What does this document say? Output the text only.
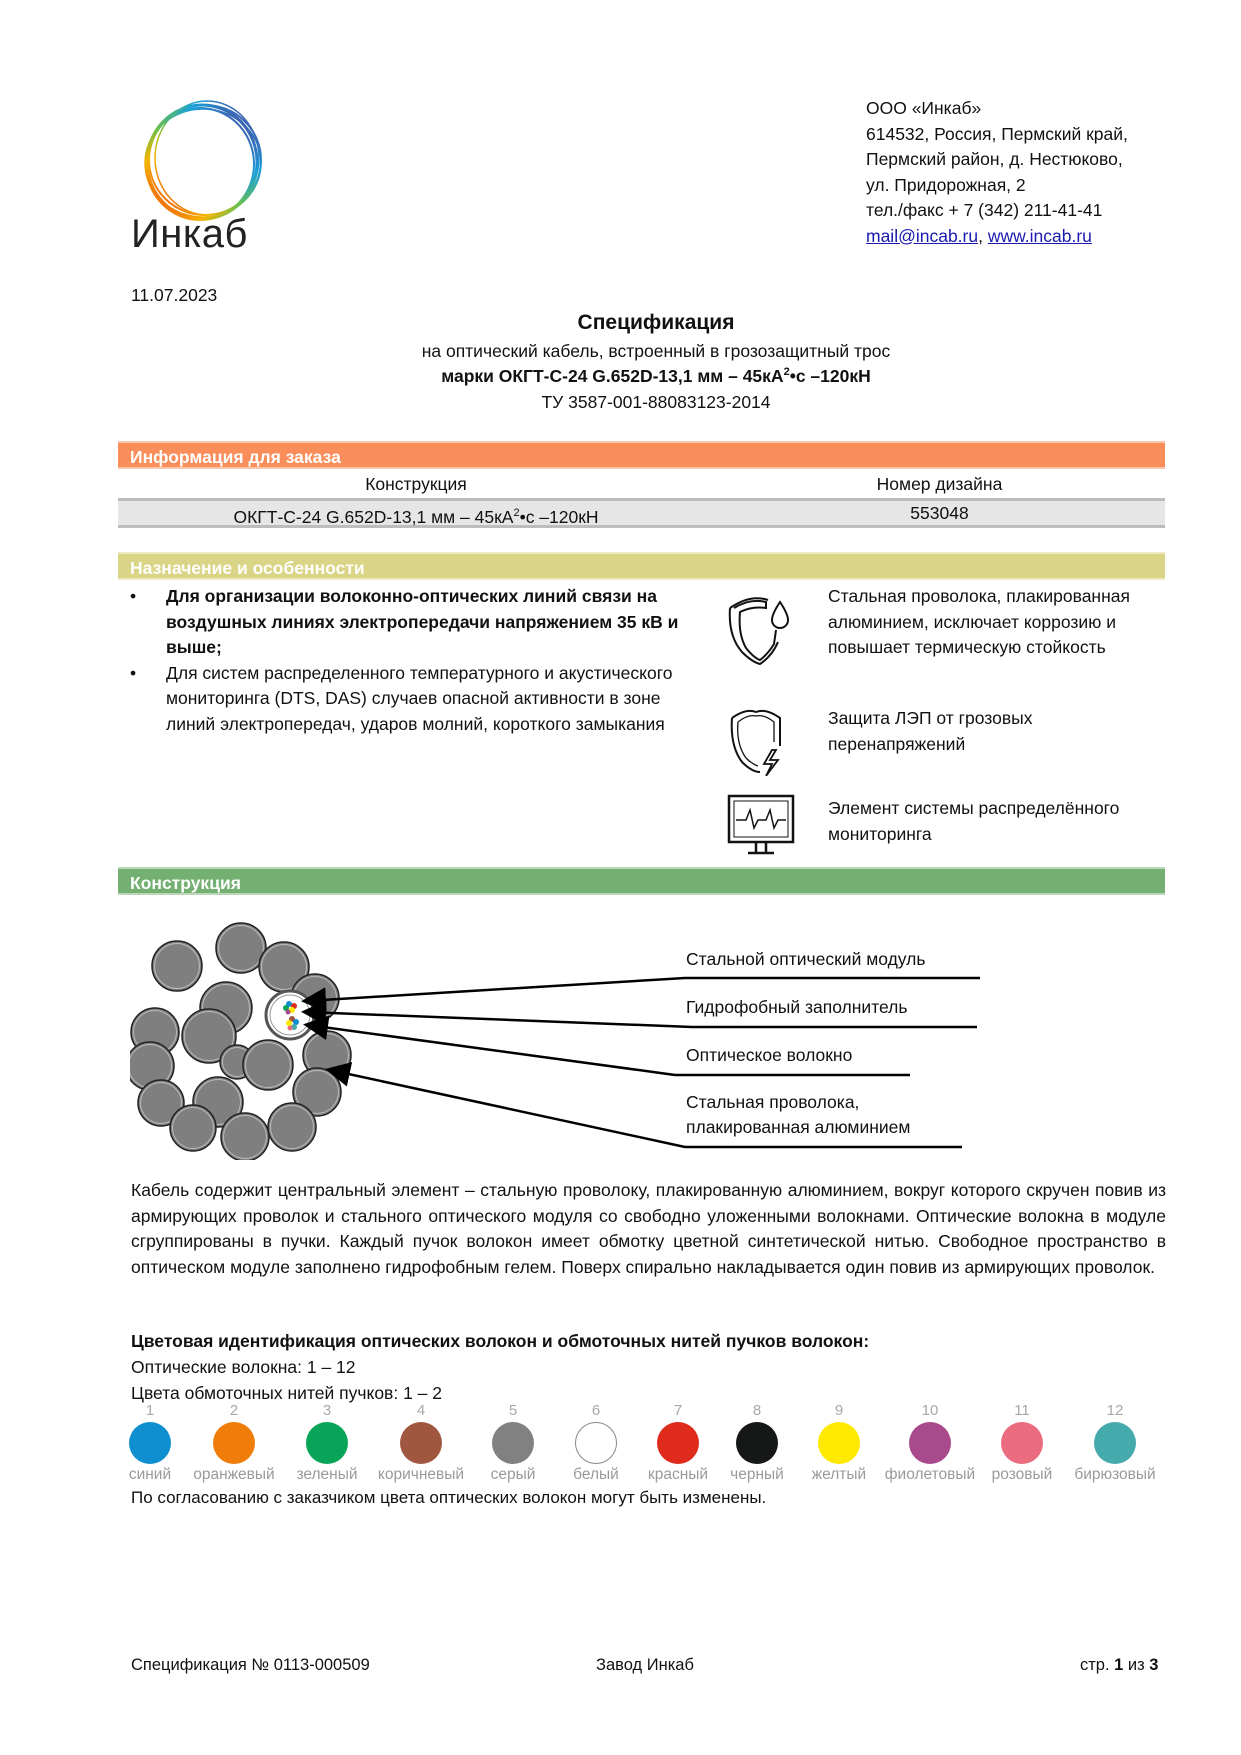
Инкаб
ООО «Инкаб»
614532, Россия, Пермский край,
Пермский район, д. Нестюково,
ул. Придорожная, 2
тел./факс + 7 (342) 211-41-41
mail@incab.ru, www.incab.ru
11.07.2023
Спецификация
на оптический кабель, встроенный в грозозащитный трос
марки ОКГТ-С-24 G.652D-13,1 мм – $45кА^2•с$ –120кН
ТУ 3587-001-88083123-2014
Информация для заказа
Конструкция	Номер дизайна
ОКГТ-С-24 G.652D-13,1 мм – $45кА^2•с$ –120кН	553048
Назначение и особенности
•	Для организации волоконно-оптических линий связи на воздушных линиях электропередачи напряжением 35 кВ и выше;
•	Для систем распределенного температурного и акустического мониторинга (DTS, DAS) случаев опасной активности в зоне линий электропередач, ударов молний, короткого замыкания
Стальная проволока, плакированная алюминием, исключает коррозию и повышает термическую стойкость
Защита ЛЭП от грозовых перенапряжений
Элемент системы распределённого мониторинга
Конструкция
Стальной оптический модуль
Гидрофобный заполнитель
Оптическое волокно
Стальная проволока,
плакированная алюминием
Кабель содержит центральный элемент – стальную проволоку, плакированную алюминием, вокруг которого скручен повив из армирующих проволок и стального оптического модуля со свободно уложенными волокнами. Оптические волокна в модуле сгруппированы в пучки. Каждый пучок волокон имеет обмотку цветной синтетической нитью. Свободное пространство в оптическом модуле заполнено гидрофобным гелем. Поверх спирально накладывается один повив из армирующих проволок.
Цветовая идентификация оптических волокон и обмоточных нитей пучков волокон:
Оптические волокна: 1 – 12
Цвета обмоточных нитей пучков: 1 – 2
1
синий
2
оранжевый
3
зеленый
4
коричневый
5
серый
6
белый
7
красный
8
черный
9
желтый
10
фиолетовый
11
розовый
12
бирюзовый
По согласованию с заказчиком цвета оптических волокон могут быть изменены.
Спецификация № 0113-000509	Завод Инкаб	стр. 1 из 3
